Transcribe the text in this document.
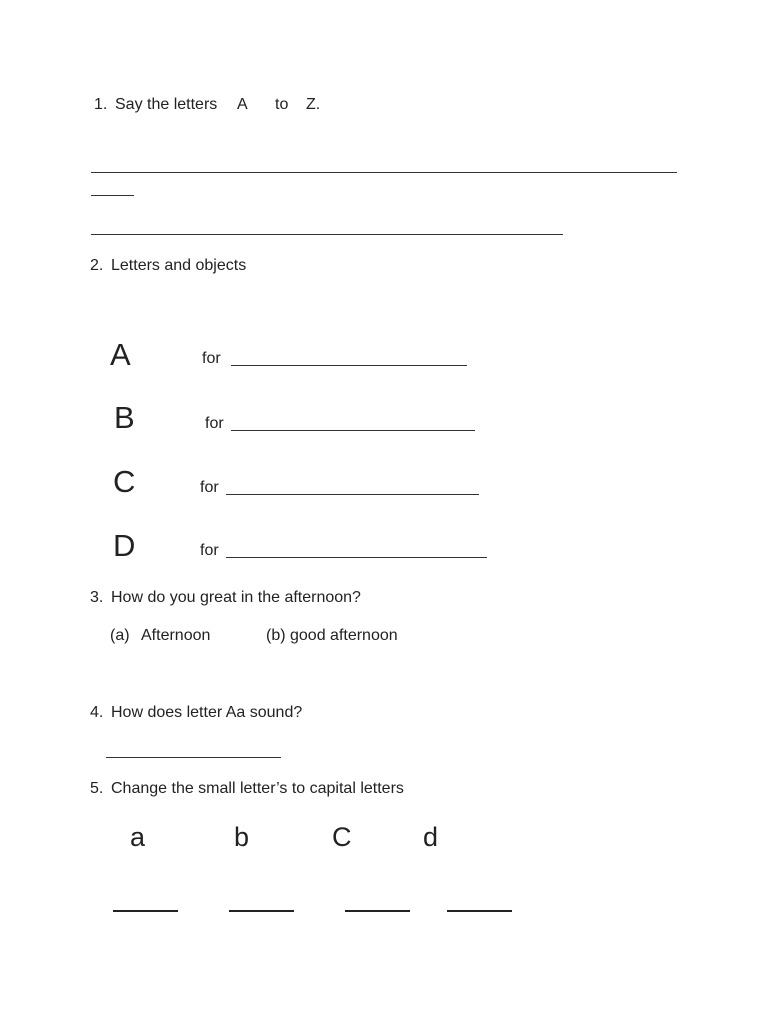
1. Say the letters A to Z.
2. Letters and objects
A	for
B	for
C	for
D	for
3. How do you great in the afternoon?
(a) Afternoon	(b) good afternoon
4. How does letter Aa sound?
5. Change the small letter’s to capital letters
a	b	C	d
